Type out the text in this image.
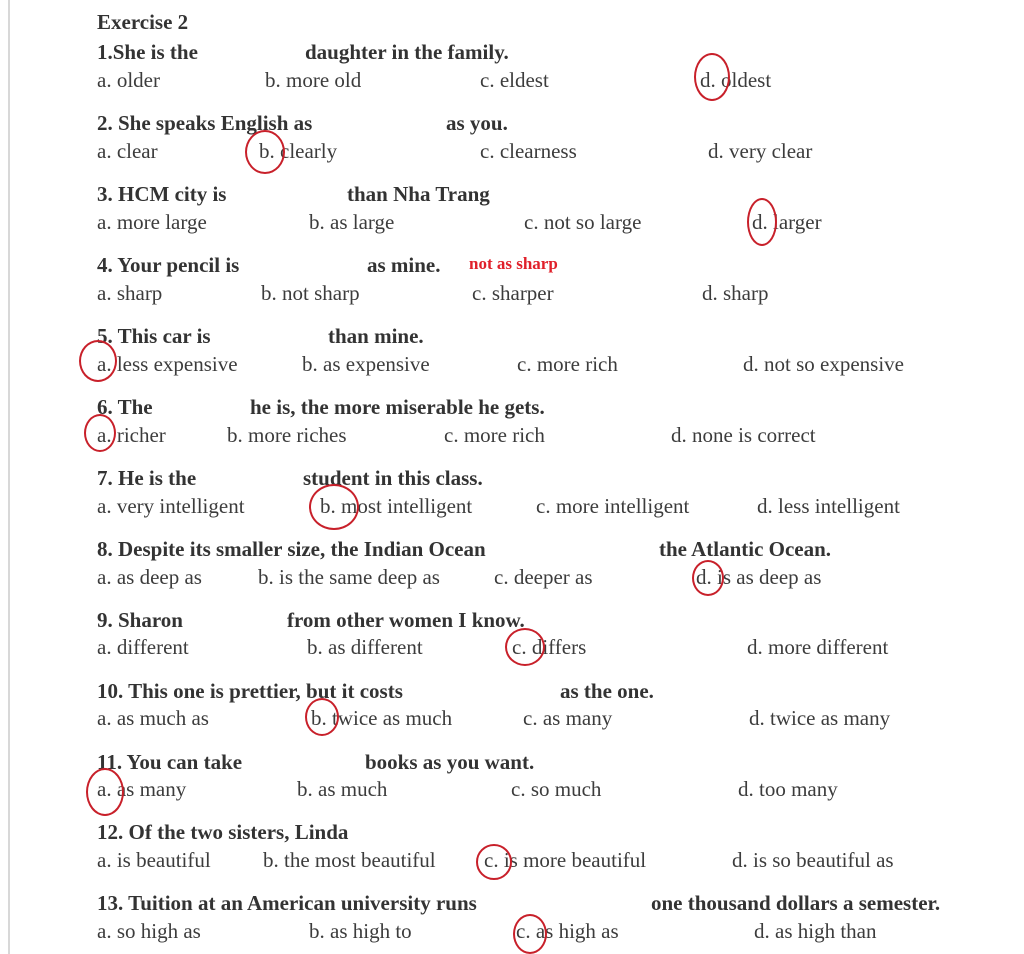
Exercise 2
not as sharp
1.She is the	daughter in the family.
a. older	b. more old	c. eldest	d. oldest
2. She speaks English as	as you.
a. clear	b. clearly	c. clearness	d. very clear
3. HCM city is	than Nha Trang
a. more large	b. as large	c. not so large	d. larger
4. Your pencil is	as mine.
a. sharp	b. not sharp	c. sharper	d. sharp
5. This car is	than mine.
a. less expensive	b. as expensive	c. more rich	d. not so expensive
6. The	he is, the more miserable he gets.
a. richer	b. more riches	c. more rich	d. none is correct
7. He is the	student in this class.
a. very intelligent	b. most intelligent	c. more intelligent	d. less intelligent
8. Despite its smaller size, the Indian Ocean	the Atlantic Ocean.
a. as deep as	b. is the same deep as	c. deeper as	d. is as deep as
9. Sharon	from other women I know.
a. different	b. as different	c. differs	d. more different
10. This one is prettier, but it costs	as the one.
a. as much as	b. twice as much	c. as many	d. twice as many
11. You can take	books as you want.
a. as many	b. as much	c. so much	d. too many
12. Of the two sisters, Linda
a. is beautiful b. the most beautiful c. is more beautiful	d. is so beautiful as
13. Tuition at an American university runs	one thousand dollars a semester.
a. so high as	b. as high to	c. as high as	d. as high than
